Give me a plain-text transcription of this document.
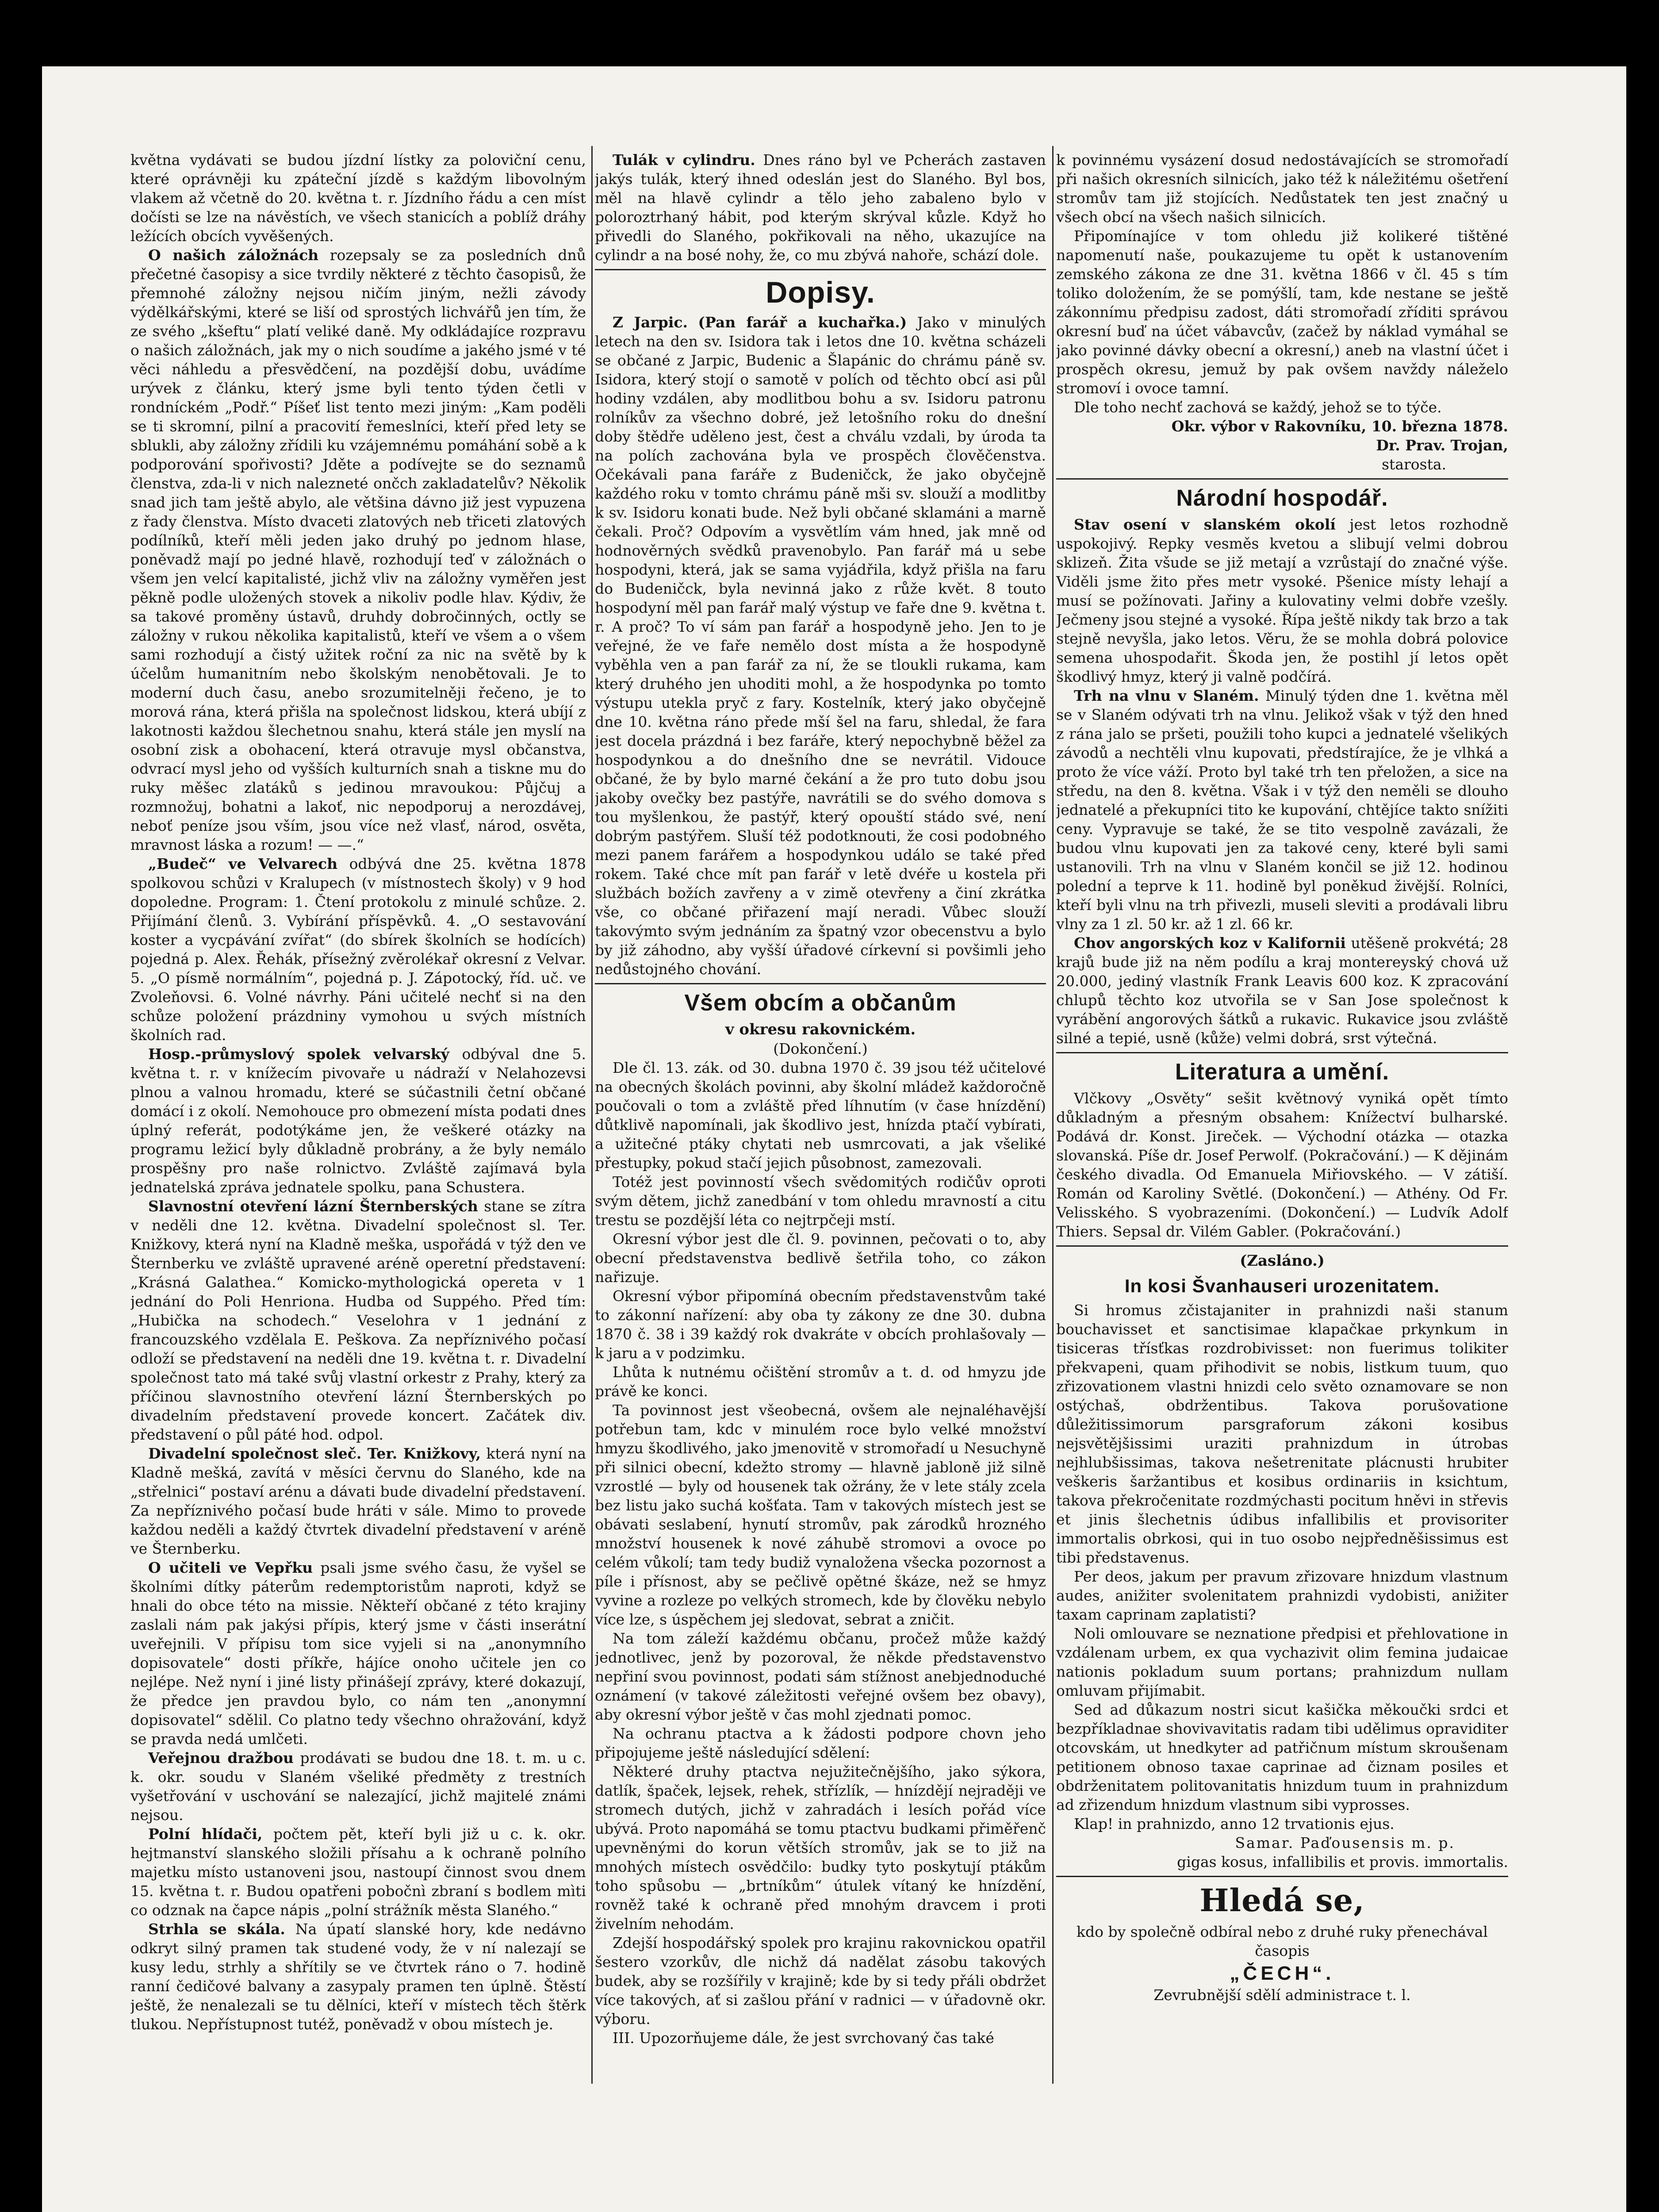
května vydávati se budou jízdní lístky za poloviční cenu, které oprávněji ku zpáteční jízdě s každým libovolným vlakem až včetně do 20. května t. r. Jízdního řádu a cen míst dočísti se lze na návěstích, ve všech stanicích a poblíž dráhy ležících obcích vyvěšených.

O našich záložnách rozepsaly se za posledních dnů přečetné časopisy a sice tvrdily některé z těchto časopisů, že přemnohé záložny nejsou ničím jiným, nežli závody výdělkářskými, které se liší od sprostých lichvářů jen tím, že ze svého „kšeftu“ platí veliké daně. My odkládajíce rozpravu o našich záložnách, jak my o nich soudíme a jakého jsmé v té věci náhledu a přesvědčení, na pozdější dobu, uvádíme urývek z článku, který jsme byli tento týden četli v rondníckém „Podř.“ Píšeť list tento mezi jiným: „Kam poděli se ti skromní, pilní a pracovití řemeslníci, kteří před lety se sblukli, aby záložny zřídili ku vzájemnému pomáhání sobě a k podporování spořivosti? Jděte a podívejte se do seznamů členstva, zda-li v nich nalezneté ončch zakladatelův? Několik snad jich tam ještě abylo, ale většina dávno již jest vypuzena z řady členstva. Místo dvaceti zlatových neb třiceti zlatových podílníků, kteří měli jeden jako druhý po jednom hlase, poněvadž mají po jedné hlavě, rozhodují teď v záložnách o všem jen velcí kapitalisté, jichž vliv na záložny vyměřen jest pěkně podle uložených stovek a nikoliv podle hlav. Kýdiv, že sa takové proměny ústavů, druhdy dobročinných, octly se záložny v rukou několika kapitalistů, kteří ve všem a o všem sami rozhodují a čistý užitek roční za nic na světě by k účelům humanitním nebo školským nenobětovali. Je to moderní duch času, anebo srozumitelněji řečeno, je to morová rána, která přišla na společnost lidskou, která ubíjí z lakotnosti každou šlechetnou snahu, která stále jen myslí na osobní zisk a obohacení, která otravuje mysl občanstva, odvrací mysl jeho od vyšších kulturních snah a tiskne mu do ruky měšec zlatáků s jedinou mravoukou: Půjčuj a rozmnožuj, bohatni a lakoť, nic nepodporuj a nerozdávej, neboť peníze jsou vším, jsou více než vlasť, národ, osvěta, mravnost láska a rozum! — —.“

„Budeč“ ve Velvarech odbývá dne 25. května 1878 spolkovou schůzi v Kralupech (v místnostech školy) v 9 hod dopoledne. Program: 1. Čtení protokolu z minulé schůze. 2. Přijímání členů. 3. Vybírání příspěvků. 4. „O sestavování koster a vycpávání zvířat“ (do sbírek školních se hodících) pojedná p. Alex. Řehák, přísežný zvěrolékař okresní z Velvar. 5. „O písmě normálním“, pojedná p. J. Zápotocký, říd. uč. ve Zvoleňovsi. 6. Volné návrhy. Páni učitelé nechť si na den schůze položení prázdniny vymohou u svých místních školních rad.

Hosp.-průmyslový spolek velvarský odbýval dne 5. května t. r. v knížecím pivovaře u nádraží v Nelahozevsi plnou a valnou hromadu, které se súčastnili četní občané domácí i z okolí. Nemohouce pro obmezení místa podati dnes úplný referát, podotýkáme jen, že veškeré otázky na programu ležicí byly důkladně probrány, a že byly nemálo prospěšny pro naše rolnictvo. Zvláště zajímavá byla jednatelská zpráva jednatele spolku, pana Schustera.

Slavnostní otevření lázní Šternberských stane se zítra v neděli dne 12. května. Divadelní společnost sl. Ter. Knižkovy, která nyní na Kladně meška, uspořádá v týž den ve Šternberku ve zvláště upravené aréně operetní představení: „Krásná Galathea.“ Komicko-mythologická opereta v 1 jednání do Poli Henriona. Hudba od Suppého. Před tím: „Hubička na schodech.“ Veselohra v 1 jednání z francouzského vzdělala E. Peškova. Za nepříznivého počasí odloží se představení na neděli dne 19. května t. r. Divadelní společnost tato má také svůj vlastní orkestr z Prahy, který za příčinou slavnostního otevření lázní Šternberských po divadelním představení provede koncert. Začátek div. představení o půl páté hod. odpol.

Divadelní společnost sleč. Ter. Knižkovy, která nyní na Kladně mešká, zavítá v měsíci červnu do Slaného, kde na „střelnici“ postaví arénu a dávati bude divadelní představení. Za nepříznivého počasí bude hráti v sále. Mimo to provede každou neděli a každý čtvrtek divadelní představení v aréně ve Šternberku.

O učiteli ve Vepřku psali jsme svého času, že vyšel se školními dítky páterům redemptoristům naproti, když se hnali do obce této na missie. Někteří občané z této krajiny zaslali nám pak jakýsi přípis, který jsme v části inserátní uveřejnili. V přípisu tom sice vyjeli si na „anonymního dopisovatele“ dosti příkře, hájíce onoho učitele jen co nejlépe. Než nyní i jiné listy přinášejí zprávy, které dokazují, že předce jen pravdou bylo, co nám ten „anonymní dopisovatel“ sdělil. Co platno tedy všechno ohražování, když se pravda nedá umlčeti.

Veřejnou dražbou prodávati se budou dne 18. t. m. u c. k. okr. soudu v Slaném všeliké předměty z trestních vyšetřování v uschování se nalezající, jichž majitelé známi nejsou.

Polní hlídači, počtem pět, kteří byli již u c. k. okr. hejtmanství slanského složili přísahu a k ochraně polního majetku místo ustanoveni jsou, nastoupí činnost svou dnem 15. května t. r. Budou opatřeni pobočnì zbraní s bodlem mìti co odznak na čapce nápis „polní strážník města Slaného.“

Strhla se skála. Na úpatí slanské hory, kde nedávno odkryt silný pramen tak studené vody, že v ní nalezají se kusy ledu, strhly a shřítily se ve čtvrtek ráno o 7. hodině ranní čedičové balvany a zasypaly pramen ten úplně. Štěstí ještě, že nenalezali se tu dělníci, kteří v místech těch štěrk tlukou. Nepřístupnost tutéž, poněvadž v obou místech je.

Tulák v cylindru. Dnes ráno byl ve Pcherách zastaven jakýs tulák, který ihned odeslán jest do Slaného. Byl bos, měl na hlavě cylindr a tělo jeho zabaleno bylo v poloroztrhaný hábit, pod kterým skrýval kůzle. Když ho přivedli do Slaného, pokřikovali na něho, ukazujíce na cylindr a na bosé nohy, že, co mu zbývá nahoře, schází dole.

Dopisy.

Z Jarpic. (Pan farář a kuchařka.) Jako v minulých letech na den sv. Isidora tak i letos dne 10. května scházeli se občané z Jarpic, Budenic a Šlapánic do chrámu páně sv. Isidora, který stojí o samotě v polích od těchto obcí asi půl hodiny vzdálen, aby modlitbou bohu a sv. Isidoru patronu rolníkův za všechno dobré, jež letošního roku do dnešní doby štědře uděleno jest, čest a chválu vzdali, by úroda ta na polích zachována byla ve prospěch člověčenstva. Očekávali pana faráře z Budeničck, že jako obyčejně každého roku v tomto chrámu páně mši sv. slouží a modlitby k sv. Isidoru konati bude. Než byli občané sklamáni a marně čekali. Proč? Odpovím a vysvětlím vám hned, jak mně od hodnověrných svědků pravenobylo. Pan farář má u sebe hospodyni, která, jak se sama vyjádřila, když přišla na faru do Budeničck, byla nevinná jako z růže květ. 8 touto hospodyní měl pan farář malý výstup ve faře dne 9. května t. r. A proč? To ví sám pan farář a hospodyně jeho. Jen to je veřejné, že ve faře nemělo dost místa a že hospodyně vyběhla ven a pan farář za ní, že se tloukli rukama, kam který druhého jen uhoditi mohl, a že hospodynka po tomto výstupu utekla pryč z fary. Kostelník, který jako obyčejně dne 10. května ráno přede mší šel na faru, shledal, že fara jest docela prázdná i bez faráře, který nepochybně běžel za hospodynkou a do dnešního dne se nevrátil. Vidouce občané, že by bylo marné čekání a že pro tuto dobu jsou jakoby ovečky bez pastýře, navrátili se do svého domova s tou myšlenkou, že pastýř, který opouští stádo své, není dobrým pastýřem. Sluší též podotknouti, že cosi podobného mezi panem farářem a hospodynkou událo se také před rokem. Také chce mít pan farář v letě dvéře u kostela při službách božích zavřeny a v zimě otevřeny a činí zkrátka vše, co občané přiřazení mají neradi. Vůbec slouží takovýmto svým jednáním za špatný vzor obecenstvu a bylo by již záhodno, aby vyšší úřadové církevní si povšimli jeho nedůstojného chování.

Všem obcím a občanům
v okresu rakovnickém.
(Dokončení.)

Dle čl. 13. zák. od 30. dubna 1970 č. 39 jsou též učitelové na obecných školách povinni, aby školní mládež každoročně poučovali o tom a zvláště před líhnutím (v čase hnízdění) důtklivě napomínali, jak škodlivo jest, hnízda ptačí vybírati, a užitečné ptáky chytati neb usmrcovati, a jak všeliké přestupky, pokud stačí jejich působnost, zamezovali.

Totéž jest povinností všech svědomitých rodičův oproti svým dětem, jichž zanedbání v tom ohledu mravností a citu trestu se pozdější léta co nejtrpčeji mstí.

Okresní výbor jest dle čl. 9. povinnen, pečovati o to, aby obecní představenstva bedlivě šetřila toho, co zákon nařizuje.

Okresní výbor připomíná obecním představenstvům také to zákonní nařízení: aby oba ty zákony ze dne 30. dubna 1870 č. 38 i 39 každý rok dvakráte v obcích prohlašovaly — k jaru a v podzimku.

Lhůta k nutnému očištění stromův a t. d. od hmyzu jde právě ke konci.

Ta povinnost jest všeobecná, ovšem ale nejnaléhavější potřebun tam, kdc v minulém roce bylo velké množství hmyzu škodlivého, jako jmenovitě v stromořadí u Nesuchyně při silnici obecní, kdežto stromy — hlavně jabloně již silně vzrostlé — byly od housenek tak ožrány, že v lete stály zcela bez listu jako suchá košťata. Tam v takových místech jest se obávati seslabení, hynutí stromův, pak zárodků hrozného množství housenek k nové záhubě stromovi a ovoce po celém vůkolí; tam tedy budiž vynaložena všecka pozornost a píle i přísnost, aby se pečlivě opětné škáze, než se hmyz vyvine a rozleze po velkých stromech, kde by člověku nebylo více lze, s úspěchem jej sledovat, sebrat a zničit.

Na tom záleží každému občanu, pročež může každý jednotlivec, jenž by pozoroval, že někde představenstvo nepřiní svou povinnost, podati sám stížnost anebjednoduché oznámení (v takové záležitosti veřejné ovšem bez obavy), aby okresní výbor ještě v čas mohl zjednati pomoc.

Na ochranu ptactva a k žádosti podpore chovn jeho připojujeme ještě následující sdělení:

Některé druhy ptactva nejužitečnějšího, jako sýkora, datlík, špaček, lejsek, rehek, střízlík, — hnízdějí nejraději ve stromech dutých, jichž v zahradách i lesích pořád více ubývá. Proto napomáhá se tomu ptactvu budkami přiměřenč upevněnými do korun větších stromův, jak se to již na mnohých místech osvědčilo: budky tyto poskytují ptákům toho spůsobu — „brtníkům“ útulek vítaný ke hnízdění, rovněž také k ochraně před mnohým dravcem i proti živelním nehodám.

Zdejší hospodářský spolek pro krajinu rakovnickou opatřil šestero vzorkův, dle nichž dá nadělat zásobu takových budek, aby se rozšířily v krajině; kde by si tedy přáli obdržet více takových, ať si zašlou přání v radnici — v úřadovně okr. výboru.

III. Upozorňujeme dále, že jest svrchovaný čas také

k povinnému vysázení dosud nedostávajících se stromořadí při našich okresních silnicích, jako též k náležitému ošetření stromův tam již stojících. Nedůstatek ten jest značný u všech obcí na všech našich silnicích.

Připomínajíce v tom ohledu již kolikeré tištěné napomenutí naše, poukazujeme tu opět k ustanovením zemského zákona ze dne 31. května 1866 v čl. 45 s tím toliko doložením, že se pomýšlí, tam, kde nestane se ještě zákonnímu předpisu zadost, dáti stromořadí zříditi správou okresní buď na účet vábavcův, (začež by náklad vymáhal se jako povinné dávky obecní a okresní,) aneb na vlastní účet i prospěch okresu, jemuž by pak ovšem navždy náleželo stromoví i ovoce tamní.

Dle toho nechť zachová se každý, jehož se to týče.

Okr. výbor v Rakovníku, 10. března 1878.
Dr. Prav. Trojan,
starosta.
Národní hospodář.

Stav osení v slanském okolí jest letos rozhodně uspokojivý. Repky vesměs kvetou a slibují velmi dobrou sklizeň. Žita všude se již metají a vzrůstají do značné výše. Viděli jsme žito přes metr vysoké. Pšenice místy lehají a musí se požínovati. Jařiny a kulovatiny velmi dobře vzešly. Ječmeny jsou stejné a vysoké. Řípa ještě nikdy tak brzo a tak stejně nevyšla, jako letos. Věru, že se mohla dobrá polovice semena uhospodařit. Škoda jen, že postihl jí letos opět škodlivý hmyz, který ji valně podčírá.

Trh na vlnu v Slaném. Minulý týden dne 1. května měl se v Slaném odývati trh na vlnu. Jelikož však v týž den hned z rána jalo se pršeti, použili toho kupci a jednatelé všelikých závodů a nechtěli vlnu kupovati, předstírajíce, že je vlhká a proto že více váží. Proto byl také trh ten přeložen, a sice na středu, na den 8. května. Však i v týž den neměli se dlouho jednatelé a překupníci tito ke kupování, chtějíce takto snížiti ceny. Vypravuje se také, že se tito vespolně zavázali, že budou vlnu kupovati jen za takové ceny, které byli sami ustanovili. Trh na vlnu v Slaném končil se již 12. hodinou polední a teprve k 11. hodině byl poněkud živější. Rolníci, kteří byli vlnu na trh přivezli, museli sleviti a prodávali libru vlny za 1 zl. 50 kr. až 1 zl. 66 kr.

Chov angorských koz v Kalifornii utěšeně prokvétá; 28 krajů bude již na něm podílu a kraj montereyský chová už 20.000, jediný vlastník Frank Leavis 600 koz. K zpracování chlupů těchto koz utvořila se v San Jose společnost k vyrábění angorových šátků a rukavic. Rukavice jsou zvláště silné a tepié, usně (kůže) velmi dobrá, srst výtečná.

Literatura a umění.

Vlčkovy „Osvěty“ sešit květnový vyniká opět tímto důkladným a přesným obsahem: Knížectví bulharské. Podává dr. Konst. Jireček. — Východní otázka — otazka slovanská. Píše dr. Josef Perwolf. (Pokračování.) — K dějinám českého divadla. Od Emanuela Miřiovského. — V zátiší. Román od Karoliny Světlé. (Dokončení.) — Athény. Od Fr. Velisského. S vyobrazeními. (Dokončení.) — Ludvík Adolf Thiers. Sepsal dr. Vilém Gabler. (Pokračování.)

(Zasláno.)
In kosi Švanhauseri urozenitatem.

Si hromus zčistajaniter in prahnizdi naši stanum bouchavisset et sanctisimae klapačkae prkynkum in tisiceras třísťkas rozdrobivisset: non fuerimus tolikiter překvapeni, quam přihodivit se nobis, listkum tuum, quo zřizovationem vlastni hnizdi celo světo oznamovare se non ostýchaš, obdržentibus. Takova porušovatione důležitissimorum parsgraforum zákoni kosibus nejsvětějšissimi uraziti prahnizdum in útrobas nejhlubšissimas, takova nešetrenitate plácnusti hrubiter veškeris šaržantibus et kosibus ordinariis in ksichtum, takova překročenitate rozdmýchasti pocitum hněvi in střevis et jinis šlechetnis údibus infallibilis et provisoriter immortalis obrkosi, qui in tuo osobo nejpředněšissimus est tibi představenus.

Per deos, jakum per pravum zřizovare hnizdum vlastnum audes, anižiter svolenitatem prahnizdi vydobisti, anižiter taxam caprinam zaplatisti?

Noli omlouvare se neznatione předpisi et přehlovatione in vzdálenam urbem, ex qua vychazivit olim femina judaicae nationis pokladum suum portans; prahnizdum nullam omluvam přijímabit.

Sed ad důkazum nostri sicut kašička měkoučki srdci et bezpříkladnae shovivavitatis radam tibi udělimus opraviditer otcovskám, ut hnedkyter ad patřičnum místum skroušenam petitionem obnoso taxae caprinae ad čiznam posiles et obdrženitatem politovanitatis hnizdum tuum in prahnizdum ad zřizendum hnizdum vlastnum sibi vyprosses.

Klap! in prahnizdo, anno 12 trvationis ejus.

Samar. Paďousensis m. p.
gigas kosus, infallibilis et provis. immortalis.
Hledá se,

kdo by společně odbíral nebo z druhé ruky přenechával časopis

„ČECH“.

Zevrubnější sdělí administrace t. l.
